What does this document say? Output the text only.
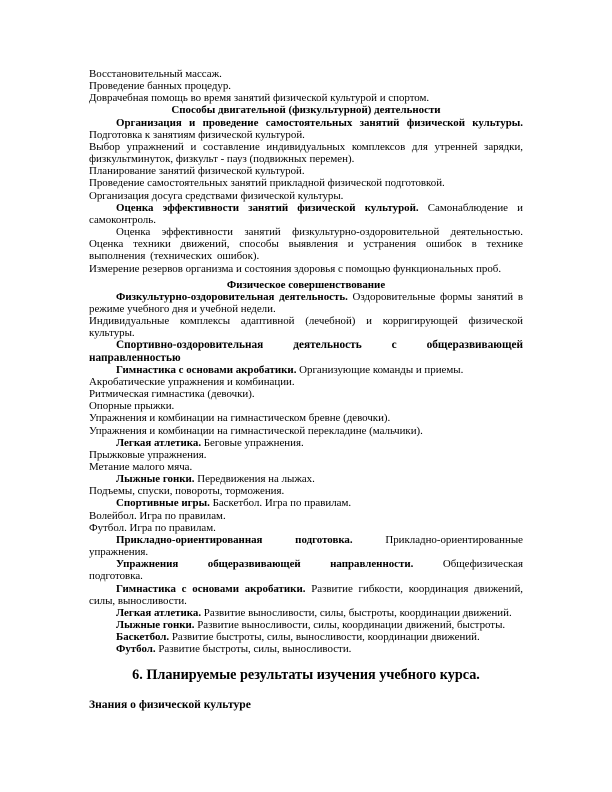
Восстановительный массаж.

Проведение банных процедур.

Доврачебная помощь во время занятий физической культурой и спортом.

Способы двигательной (физкультурной) деятельности

Организация и проведение самостоятельных занятий физической культуры. Подготовка к занятиям физической культурой.

Выбор упражнений и составление индивидуальных комплексов для утренней зарядки, физкультминуток, физкульт - пауз (подвижных перемен).

Планирование занятий физической культурой.

Проведение самостоятельных занятий прикладной физической подготовкой.

Организация досуга средствами физической культуры.

Оценка эффективности занятий физической культурой. Самонаблюдение и самоконтроль.

Оценка эффективности занятий физкультурно-оздоровительной деятельностью. Оценка техники движений, способы выявления и устранения ошибок в технике выполнения (технических ошибок).

Измерение резервов организма и состояния здоровья с помощью функциональных проб.

Физическое совершенствование

Физкультурно-оздоровительная деятельность. Оздоровительные формы занятий в режиме учебного дня и учебной недели.

Индивидуальные комплексы адаптивной (лечебной) и корригирующей физической культуры.

Спортивно-оздоровительная деятельность с общеразвивающей направленностью

Гимнастика с основами акробатики. Организующие команды и приемы.

Акробатические упражнения и комбинации.

Ритмическая гимнастика (девочки).

Опорные прыжки.

Упражнения и комбинации на гимнастическом бревне (девочки).

Упражнения и комбинации на гимнастической перекладине (мальчики).

Легкая атлетика. Беговые упражнения.

Прыжковые упражнения.

Метание малого мяча.

Лыжные гонки. Передвижения на лыжах.

Подъемы, спуски, повороты, торможения.

Спортивные игры. Баскетбол. Игра по правилам.

Волейбол. Игра по правилам.

Футбол. Игра по правилам.

Прикладно-ориентированная подготовка. Прикладно-ориентированные упражнения.

Упражнения общеразвивающей направленности. Общефизическая подготовка.

Гимнастика с основами акробатики. Развитие гибкости, координация движений, силы, выносливости.

Легкая атлетика. Развитие выносливости, силы, быстроты, координации движений.

Лыжные гонки. Развитие выносливости, силы, координации движений, быстроты.

Баскетбол. Развитие быстроты, силы, выносливости, координации движений.

Футбол. Развитие быстроты, силы, выносливости.

6. Планируемые результаты изучения учебного курса.

Знания о физической культуре
